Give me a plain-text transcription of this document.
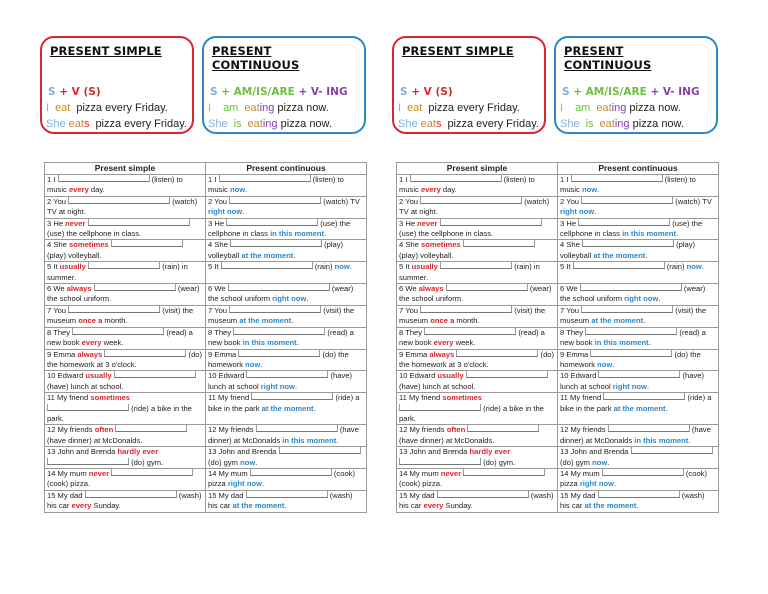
PRESENT SIMPLE
S + V (S)
I eat pizza every Friday.
She eats pizza every Friday.
PRESENT CONTINUOUS
S + AM/IS/ARE + V- ING
I am eating pizza now.
She is eating pizza now.
Present simple	Present continuous

1 I (listen) to music every day.	1 I (listen) to music now.

2 You (watch) TV at night.	2 You (watch) TV right now.

3 He never  (use) the cellphone in class.	3 He (use) the cellphone in class in this moment.

4 She sometimes  (play) volleyball.	4 She (play) volleyball at the moment.

5 It usually (rain) in summer.	5 It (rain) now.

6 We always (wear) the school uniform.	6 We (wear) the school uniform right now.

7 You (visit) the museum once a month.	7 You (visit) the museum at the moment.

8 They (read) a new book every week.	8 They (read) a new book in this moment.

9 Emma always (do) the homework at 3 o'clock.	9 Emma (do) the homework now.

10 Edward usually  (have) lunch at school.	10 Edward (have) lunch at school right now.

11 My friend sometimes  (ride) a bike in the park.	11 My friend (ride) a bike in the park at the moment.

12 My friends often  (have dinner) at McDonalds.	12 My friends (have dinner) at McDonalds in this moment.

13 John and Brenda hardly ever  (do) gym.	13 John and Brenda  (do) gym now.

14 My mum never  (cook) pizza.	14 My mum (cook) pizza right now.

15 My dad (wash) his car every Sunday.	15 My dad (wash) his car at the moment.
PRESENT SIMPLE
S + V (S)
I eat pizza every Friday.
She eats pizza every Friday.
PRESENT CONTINUOUS
S + AM/IS/ARE + V- ING
I am eating pizza now.
She is eating pizza now.
Present simple	Present continuous

1 I (listen) to music every day.	1 I (listen) to music now.

2 You (watch) TV at night.	2 You (watch) TV right now.

3 He never  (use) the cellphone in class.	3 He (use) the cellphone in class in this moment.

4 She sometimes  (play) volleyball.	4 She (play) volleyball at the moment.

5 It usually (rain) in summer.	5 It (rain) now.

6 We always (wear) the school uniform.	6 We (wear) the school uniform right now.

7 You (visit) the museum once a month.	7 You (visit) the museum at the moment.

8 They (read) a new book every week.	8 They (read) a new book in this moment.

9 Emma always (do) the homework at 3 o'clock.	9 Emma (do) the homework now.

10 Edward usually  (have) lunch at school.	10 Edward (have) lunch at school right now.

11 My friend sometimes  (ride) a bike in the park.	11 My friend (ride) a bike in the park at the moment.

12 My friends often  (have dinner) at McDonalds.	12 My friends (have dinner) at McDonalds in this moment.

13 John and Brenda hardly ever  (do) gym.	13 John and Brenda  (do) gym now.

14 My mum never  (cook) pizza.	14 My mum (cook) pizza right now.

15 My dad (wash) his car every Sunday.	15 My dad (wash) his car at the moment.
